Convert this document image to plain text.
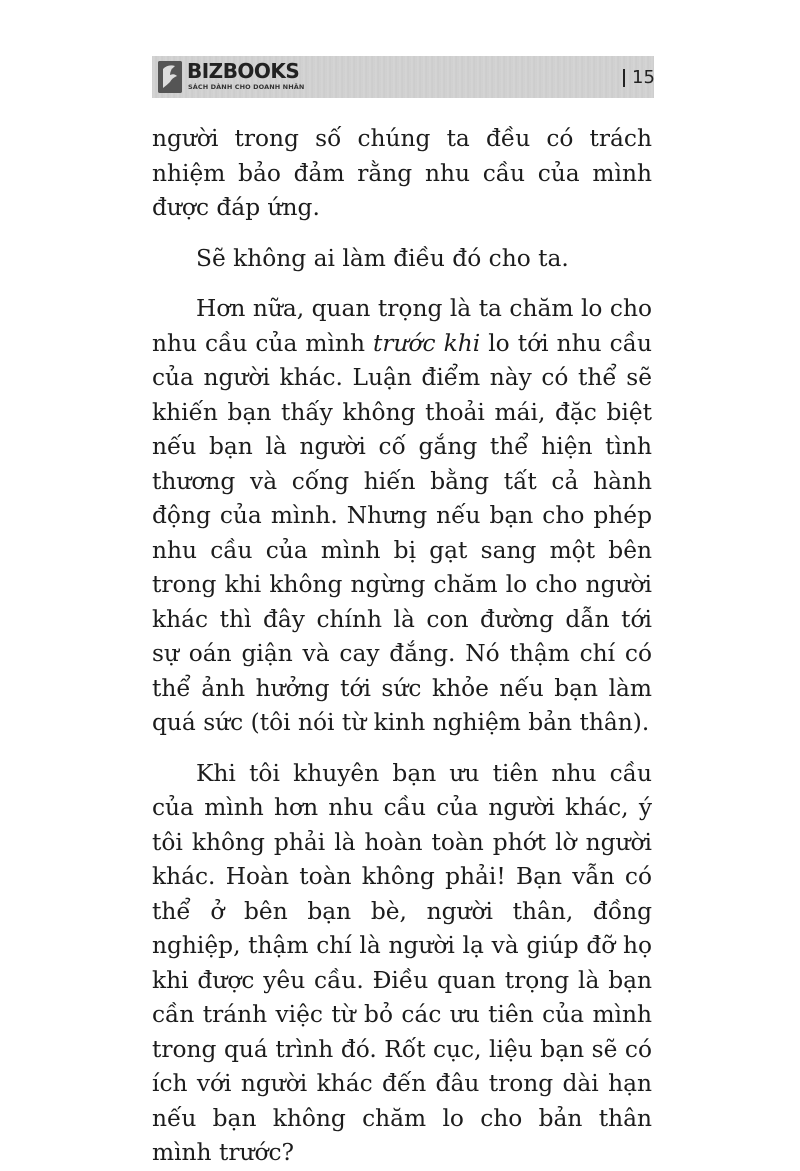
BIZBOOKS
SÁCH DÀNH CHO DOANH NHÂN	15

người trong số chúng ta đều có trách nhiệm bảo đảm rằng nhu cầu của mình được đáp ứng.

Sẽ không ai làm điều đó cho ta.

Hơn nữa, quan trọng là ta chăm lo cho nhu cầu của mình trước khi lo tới nhu cầu của người khác. Luận điểm này có thể sẽ khiến bạn thấy không thoải mái, đặc biệt nếu bạn là người cố gắng thể hiện tình thương và cống hiến bằng tất cả hành động của mình. Nhưng nếu bạn cho phép nhu cầu của mình bị gạt sang một bên trong khi không ngừng chăm lo cho người khác thì đây chính là con đường dẫn tới sự oán giận và cay đắng. Nó thậm chí có thể ảnh hưởng tới sức khỏe nếu bạn làm quá sức (tôi nói từ kinh nghiệm bản thân).

Khi tôi khuyên bạn ưu tiên nhu cầu của mình hơn nhu cầu của người khác, ý tôi không phải là hoàn toàn phớt lờ người khác. Hoàn toàn không phải! Bạn vẫn có thể ở bên bạn bè, người thân, đồng nghiệp, thậm chí là người lạ và giúp đỡ họ khi được yêu cầu. Điều quan trọng là bạn cần tránh việc từ bỏ các ưu tiên của mình trong quá trình đó. Rốt cục, liệu bạn sẽ có ích với người khác đến đâu trong dài hạn nếu bạn không chăm lo cho bản thân mình trước?
